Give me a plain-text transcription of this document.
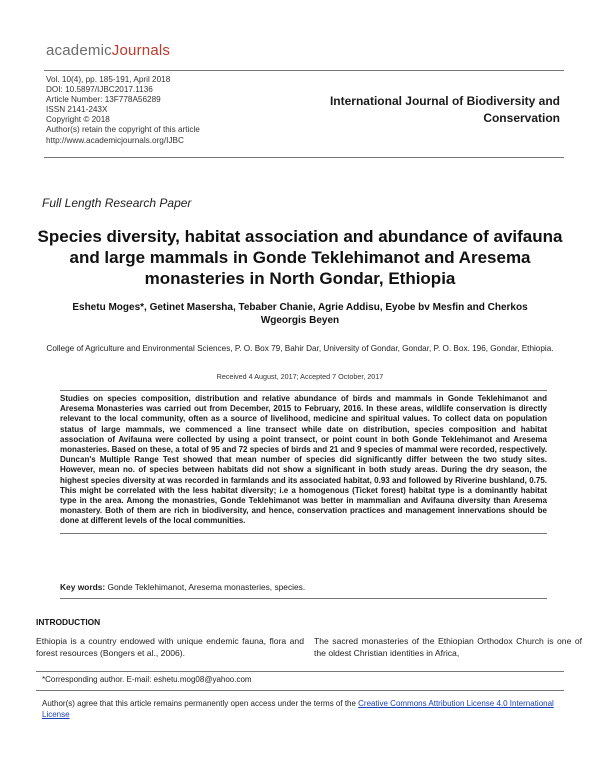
academicJournals
Vol. 10(4), pp. 185-191, April 2018
DOI: 10.5897/IJBC2017.1136
Article Number: 13F778A56289
ISSN 2141-243X
Copyright © 2018
Author(s) retain the copyright of this article
http://www.academicjournals.org/IJBC
International Journal of Biodiversity and
Conservation
Full Length Research Paper
Species diversity, habitat association and abundance of avifauna and large mammals in Gonde Teklehimanot and Aresema monasteries in North Gondar, Ethiopia
Eshetu Moges*, Getinet Masersha, Tebaber Chanie, Agrie Addisu, Eyobe bv Mesfin and Cherkos Wgeorgis Beyen
College of Agriculture and Environmental Sciences, P. O. Box 79, Bahir Dar, University of Gondar, Gondar, P. O. Box. 196, Gondar, Ethiopia.
Received 4 August, 2017; Accepted 7 October, 2017
Studies on species composition, distribution and relative abundance of birds and mammals in Gonde Teklehimanot and Aresema Monasteries was carried out from December, 2015 to February, 2016. In these areas, wildlife conservation is directly relevant to the local community, often as a source of livelihood, medicine and spiritual values. To collect data on population status of large mammals, we commenced a line transect while date on distribution, species composition and habitat association of Avifauna were collected by using a point transect, or point count in both Gonde Teklehimanot and Aresema monasteries. Based on these, a total of 95 and 72 species of birds and 21 and 9 species of mammal were recorded, respectively. Duncan's Multiple Range Test showed that mean number of species did significantly differ between the two study sites. However, mean no. of species between habitats did not show a significant in both study areas. During the dry season, the highest species diversity at was recorded in farmlands and its associated habitat, 0.93 and followed by Riverine bushland, 0.75. This might be correlated with the less habitat diversity; i.e a homogenous (Ticket forest) habitat type is a dominantly habitat type in the area. Among the monastries, Gonde Teklehimanot was better in mammalian and Avifauna diversity than Aresema monastery. Both of them are rich in biodiversity, and hence, conservation practices and management innervations should be done at different levels of the local communities.
Key words: Gonde Teklehimanot, Aresema monasteries, species.
INTRODUCTION
Ethiopia is a country endowed with unique endemic fauna, flora and forest resources (Bongers et al., 2006).
The sacred monasteries of the Ethiopian Orthodox Church is one of the oldest Christian identities in Africa,
*Corresponding author. E-mail: eshetu.mog08@yahoo.com
Author(s) agree that this article remains permanently open access under the terms of the Creative Commons Attribution License 4.0 International License
